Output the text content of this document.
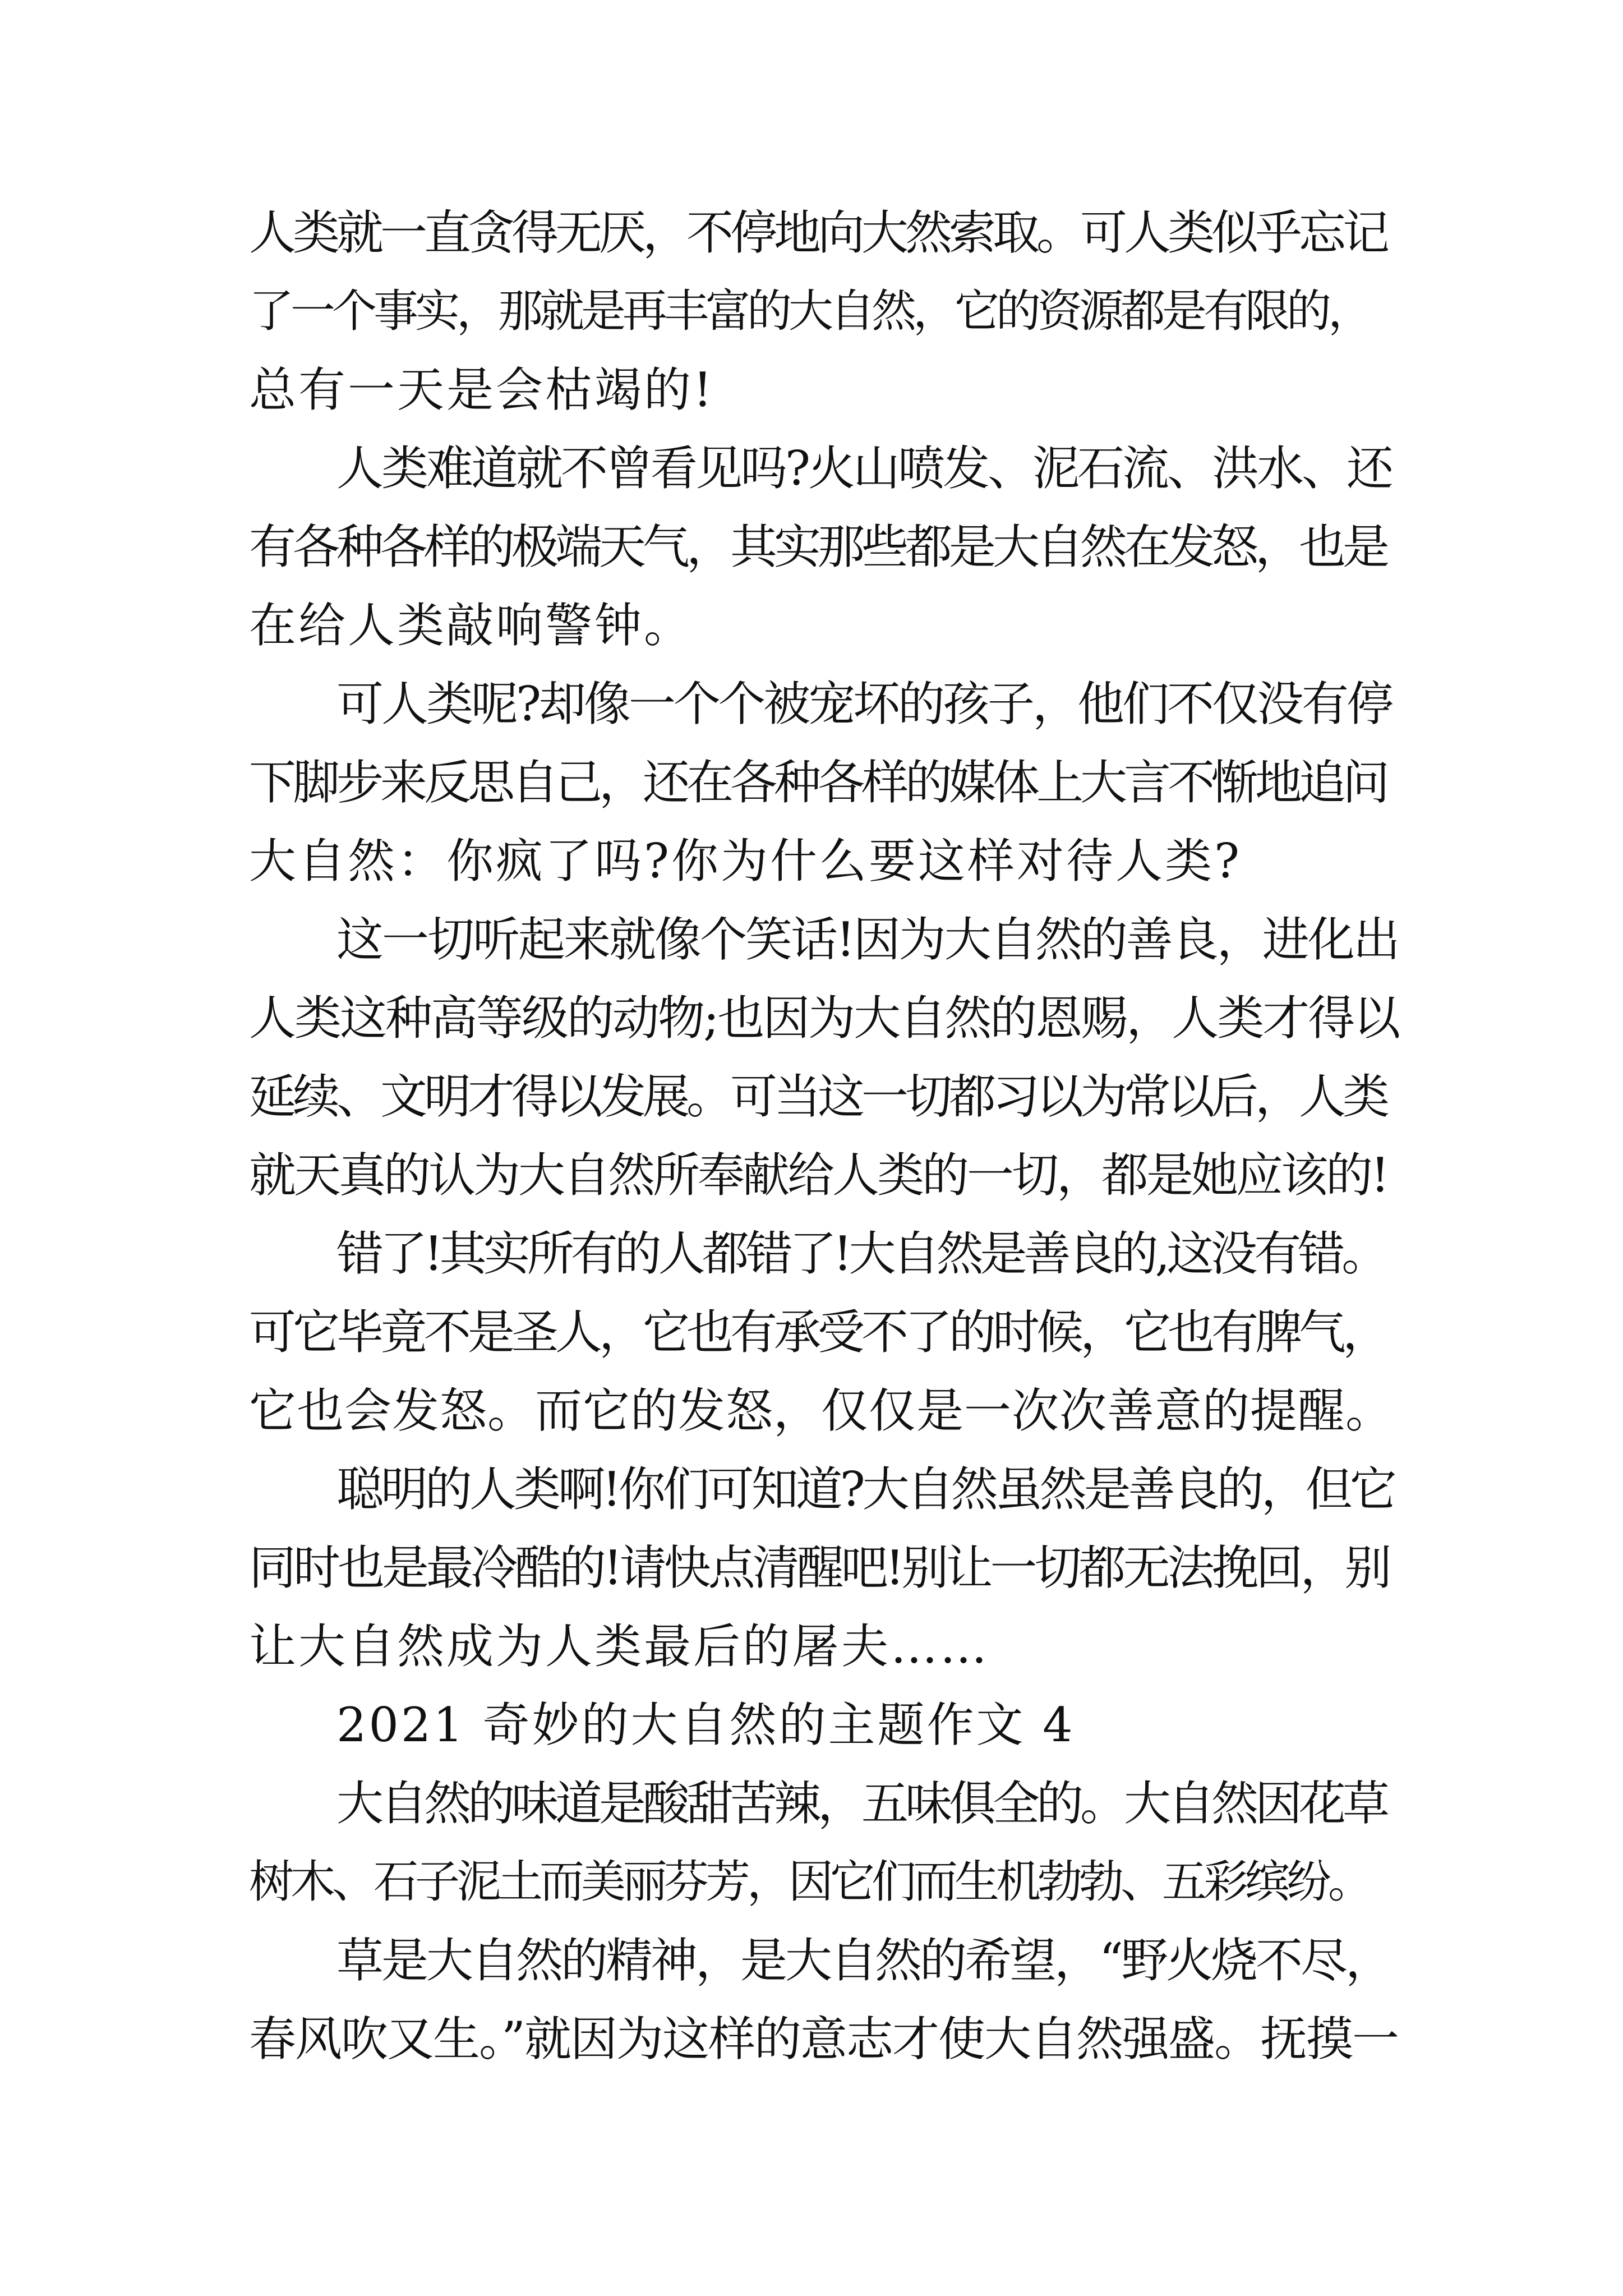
人类就一直贪得无厌，不停地向大然索取。可人类似乎忘记
了一个事实，那就是再丰富的大自然，它的资源都是有限的，
总有一天是会枯竭的!
人类难道就不曾看见吗?火山喷发、泥石流、洪水、还
有各种各样的极端天气，其实那些都是大自然在发怒，也是
在给人类敲响警钟。
可人类呢?却像一个个被宠坏的孩子，他们不仅没有停
下脚步来反思自己，还在各种各样的媒体上大言不惭地追问
大自然：你疯了吗?你为什么要这样对待人类?
这一切听起来就像个笑话!因为大自然的善良，进化出
人类这种高等级的动物;也因为大自然的恩赐，人类才得以
延续、文明才得以发展。可当这一切都习以为常以后，人类
就天真的认为大自然所奉献给人类的一切，都是她应该的!
错了!其实所有的人都错了!大自然是善良的,这没有错。
可它毕竟不是圣人，它也有承受不了的时候，它也有脾气，
它也会发怒。而它的发怒，仅仅是一次次善意的提醒。
聪明的人类啊!你们可知道?大自然虽然是善良的，但它
同时也是最冷酷的!请快点清醒吧!别让一切都无法挽回，别
让大自然成为人类最后的屠夫……
2021 奇妙的大自然的主题作文 4
大自然的味道是酸甜苦辣，五味俱全的。大自然因花草
树木、石子泥土而美丽芬芳，因它们而生机勃勃、五彩缤纷。
草是大自然的精神，是大自然的希望，“野火烧不尽，
春风吹又生。”就因为这样的意志才使大自然强盛。抚摸一
